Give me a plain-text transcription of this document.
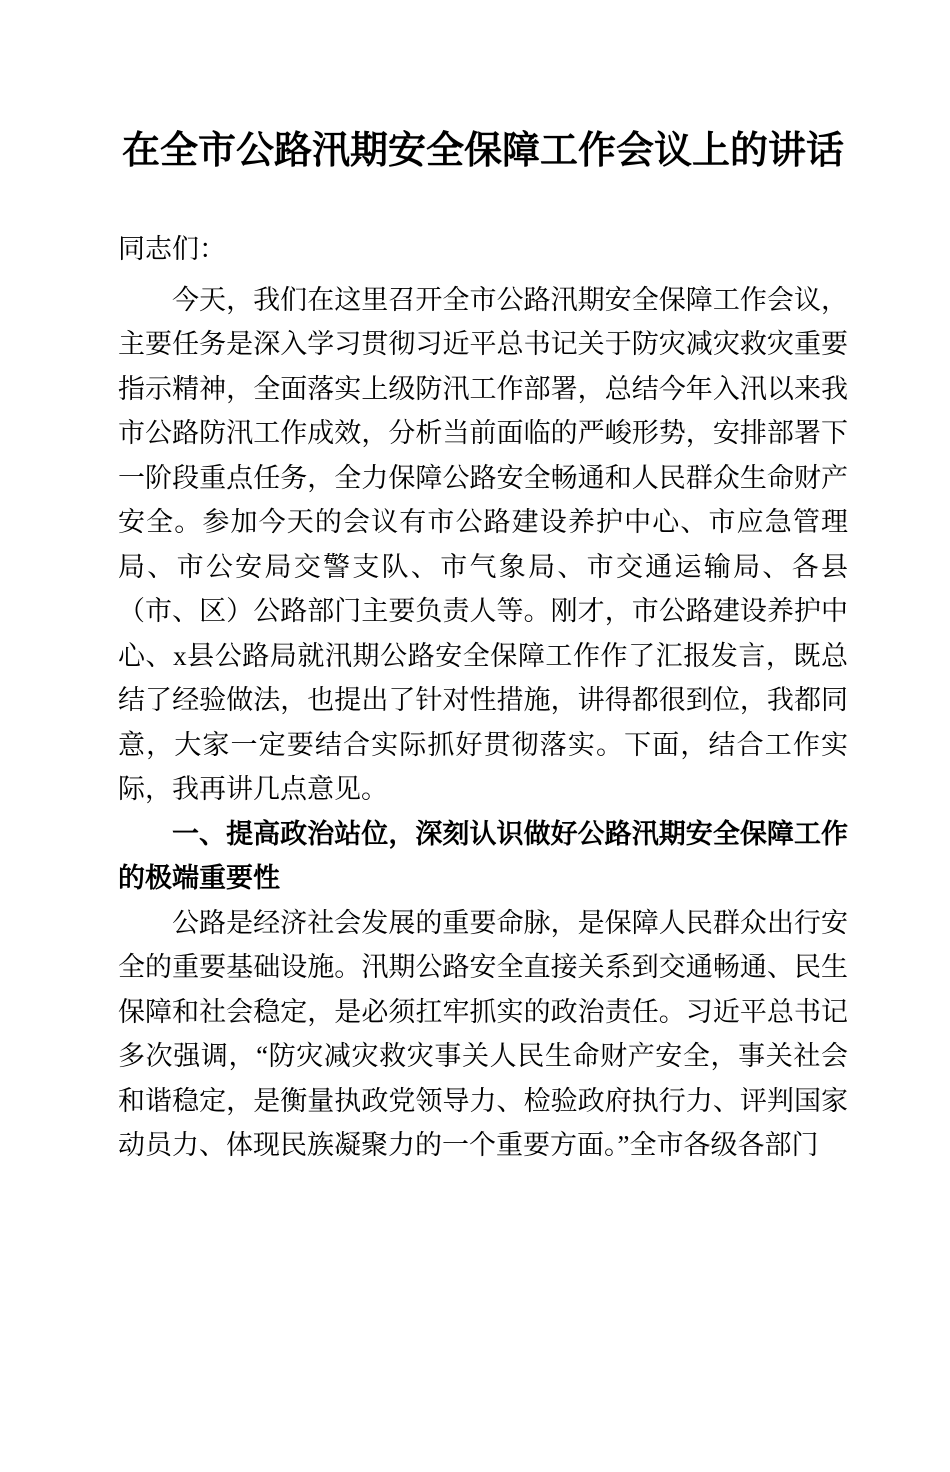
在全市公路汛期安全保障工作会议上的讲话

同志们：

今天，我们在这里召开全市公路汛期安全保障工作会议，主要任务是深入学习贯彻习近平总书记关于防灾减灾救灾重要指示精神，全面落实上级防汛工作部署，总结今年入汛以来我市公路防汛工作成效，分析当前面临的严峻形势，安排部署下一阶段重点任务，全力保障公路安全畅通和人民群众生命财产安全。参加今天的会议有市公路建设养护中心、市应急管理局、市公安局交警支队、市气象局、市交通运输局、各县（市、区）公路部门主要负责人等。刚才，市公路建设养护中心、x县公路局就汛期公路安全保障工作作了汇报发言，既总结了经验做法，也提出了针对性措施，讲得都很到位，我都同意，大家一定要结合实际抓好贯彻落实。下面，结合工作实际，我再讲几点意见。

一、提高政治站位，深刻认识做好公路汛期安全保障工作的极端重要性

公路是经济社会发展的重要命脉，是保障人民群众出行安全的重要基础设施。汛期公路安全直接关系到交通畅通、民生保障和社会稳定，是必须扛牢抓实的政治责任。习近平总书记多次强调，“防灾减灾救灾事关人民生命财产安全，事关社会和谐稳定，是衡量执政党领导力、检验政府执行力、评判国家动员力、体现民族凝聚力的一个重要方面。”全市各级各部门
